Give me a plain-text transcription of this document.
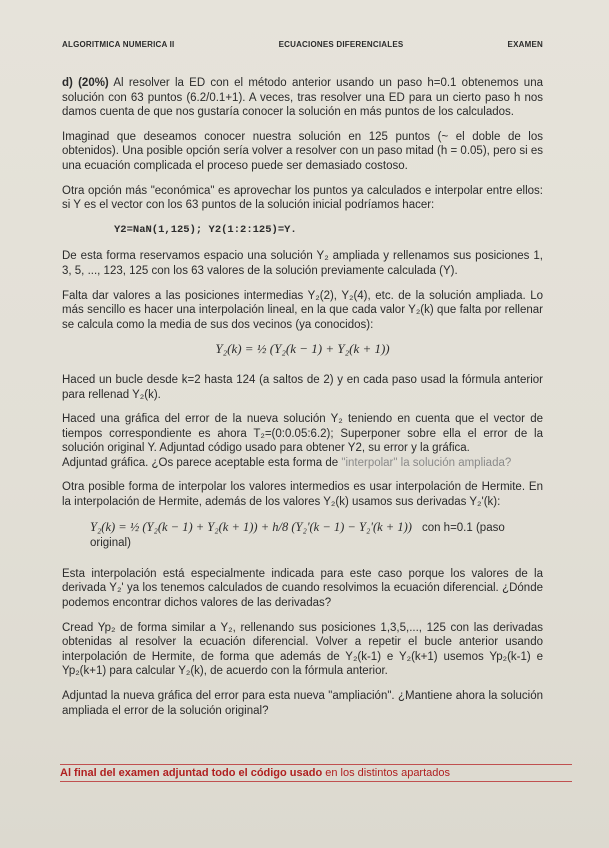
ALGORITMICA NUMERICA II	ECUACIONES DIFERENCIALES	EXAMEN

d) (20%) Al resolver la ED con el método anterior usando un paso h=0.1 obtenemos una solución con 63 puntos (6.2/0.1+1). A veces, tras resolver una ED para un cierto paso h nos damos cuenta de que nos gustaría conocer la solución en más puntos de los calculados.

Imaginad que deseamos conocer nuestra solución en 125 puntos (~ el doble de los obtenidos). Una posible opción sería volver a resolver con un paso mitad (h = 0.05), pero si es una ecuación complicada el proceso puede ser demasiado costoso.

Otra opción más "económica" es aprovechar los puntos ya calculados e interpolar entre ellos: si Y es el vector con los 63 puntos de la solución inicial podríamos hacer:

Y2=NaN(1,125); Y2(1:2:125)=Y.

De esta forma reservamos espacio una solución Y₂ ampliada y rellenamos sus posiciones 1, 3, 5, ..., 123, 125 con los 63 valores de la solución previamente calculada (Y).

Falta dar valores a las posiciones intermedias Y₂(2), Y₂(4), etc. de la solución ampliada. Lo más sencillo es hacer una interpolación lineal, en la que cada valor Y₂(k) que falta por rellenar se calcula como la media de sus dos vecinos (ya conocidos):

Y₂(k) = ½ (Y₂(k − 1) + Y₂(k + 1))

Haced un bucle desde k=2 hasta 124 (a saltos de 2) y en cada paso usad la fórmula anterior para rellenad Y₂(k).

Haced una gráfica del error de la nueva solución Y₂ teniendo en cuenta que el vector de tiempos correspondiente es ahora T₂=(0:0.05:6.2); Superponer sobre ella el error de la solución original Y. Adjuntad código usado para obtener Y2, su error y la gráfica.

Adjuntad gráfica. ¿Os parece aceptable esta forma de "interpolar" la solución ampliada?

Otra posible forma de interpolar los valores intermedios es usar interpolación de Hermite. En la interpolación de Hermite, además de los valores Y₂(k) usamos sus derivadas Y₂'(k):

Y₂(k) = ½ (Y₂(k − 1) + Y₂(k + 1)) + h/8 (Y₂'(k − 1) − Y₂'(k + 1)) con h=0.1 (paso original)

Esta interpolación está especialmente indicada para este caso porque los valores de la derivada Y₂' ya los tenemos calculados de cuando resolvimos la ecuación diferencial. ¿Dónde podemos encontrar dichos valores de las derivadas?

Cread Yp₂ de forma similar a Y₂, rellenando sus posiciones 1,3,5,..., 125 con las derivadas obtenidas al resolver la ecuación diferencial. Volver a repetir el bucle anterior usando interpolación de Hermite, de forma que además de Y₂(k-1) e Y₂(k+1) usemos Yp₂(k-1) e Yp₂(k+1) para calcular Y₂(k), de acuerdo con la fórmula anterior.

Adjuntad la nueva gráfica del error para esta nueva "ampliación". ¿Mantiene ahora la solución ampliada el error de la solución original?

Al final del examen adjuntad todo el código usado en los distintos apartados
